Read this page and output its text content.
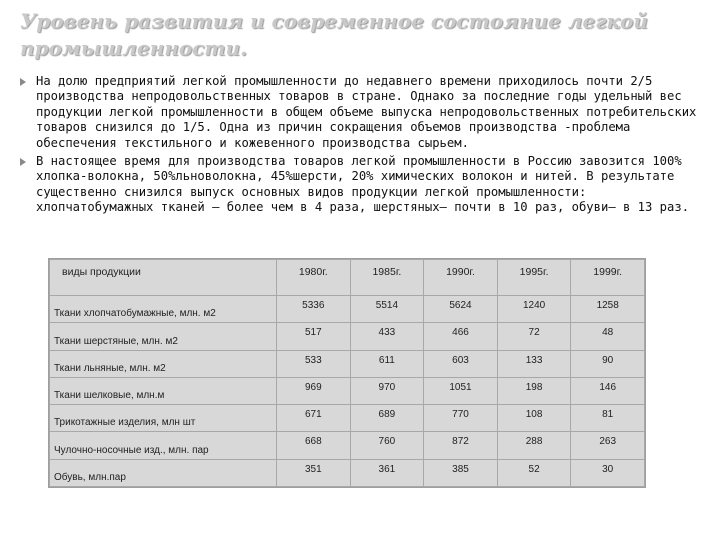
Уровень развития и современное состояние легкой промышленности.
На долю предприятий легкой промышленности до недавнего времени приходилось почти 2/5 производства непродовольственных товаров в стране. Однако за последние годы удельный вес продукции легкой промышленности в общем объеме выпуска непродовольственных потребительских товаров снизился до 1/5. Одна из причин сокращения объемов производства -проблема обеспечения текстильного и кожевенного производства сырьем.
В настоящее время для производства товаров легкой промышленности в Россию завозится 100% хлопка-волокна, 50%льноволокна, 45%шерсти, 20% химических волокон и нитей. В результате существенно снизился выпуск основных видов продукции легкой промышленности: хлопчатобумажных тканей – более чем в 4 раза, шерстяных– почти в 10 раз, обуви– в 13 раз.
виды продукции	1980г.	1985г.	1990г.	1995г.	1999г.
Ткани хлопчатобумажные, млн. м2	5336	5514	5624	1240	1258
Ткани шерстяные, млн. м2	517	433	466	72	48
Ткани льняные, млн. м2	533	611	603	133	90
Ткани шелковые, млн.м	969	970	1051	198	146
Трикотажные изделия, млн шт	671	689	770	108	81
Чулочно-носочные изд., млн. пар	668	760	872	288	263
Обувь, млн.пар	351	361	385	52	30
